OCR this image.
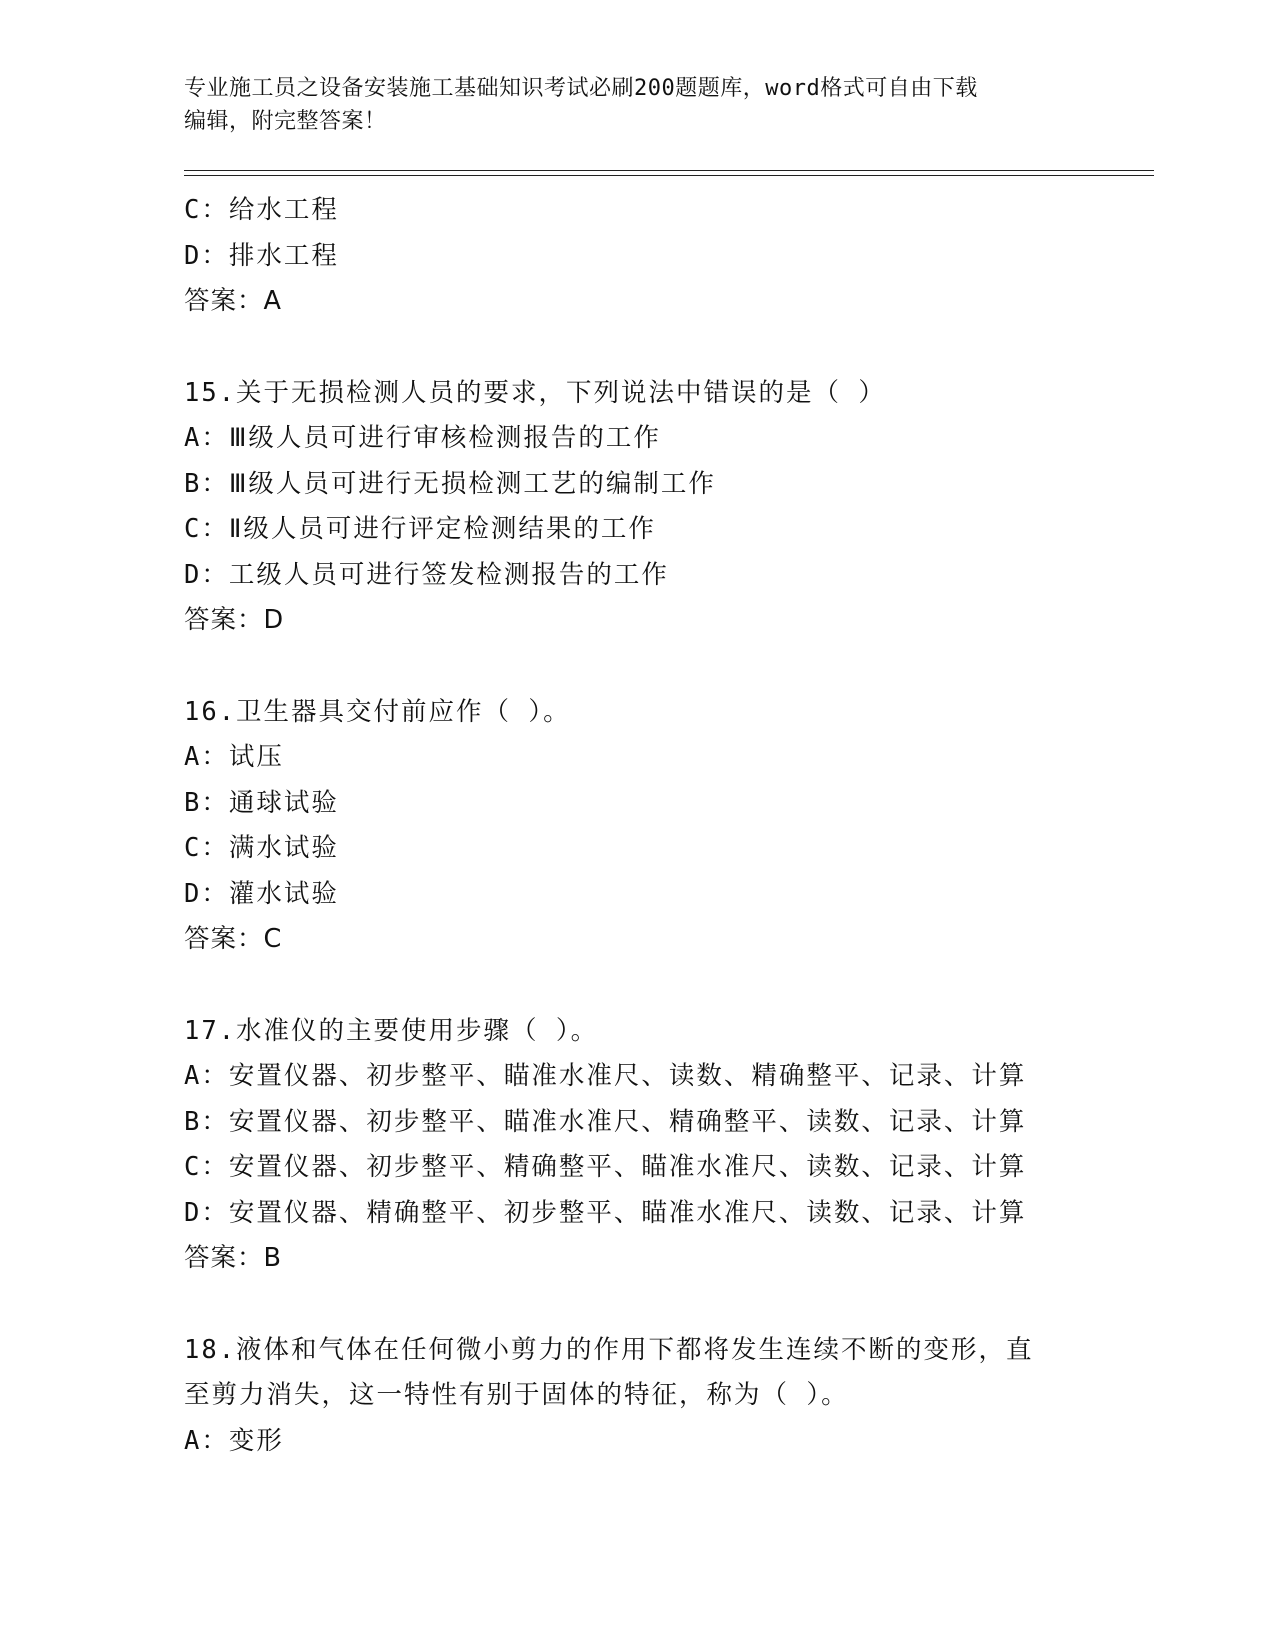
专业施工员之设备安装施工基础知识考试必刷200题题库，word格式可自由下载
编辑，附完整答案！
C：给水工程
D：排水工程
答案：A
15.关于无损检测人员的要求，下列说法中错误的是（ ）
A：Ⅲ级人员可进行审核检测报告的工作
B：Ⅲ级人员可进行无损检测工艺的编制工作
C：Ⅱ级人员可进行评定检测结果的工作
D：工级人员可进行签发检测报告的工作
答案：D
16.卫生器具交付前应作（ ）。
A：试压
B：通球试验
C：满水试验
D：灌水试验
答案：C
17.水准仪的主要使用步骤（ ）。
A：安置仪器、初步整平、瞄准水准尺、读数、精确整平、记录、计算
B：安置仪器、初步整平、瞄准水准尺、精确整平、读数、记录、计算
C：安置仪器、初步整平、精确整平、瞄准水准尺、读数、记录、计算
D：安置仪器、精确整平、初步整平、瞄准水准尺、读数、记录、计算
答案：B
18.液体和气体在任何微小剪力的作用下都将发生连续不断的变形，直
至剪力消失，这一特性有别于固体的特征，称为（ ）。
A：变形
